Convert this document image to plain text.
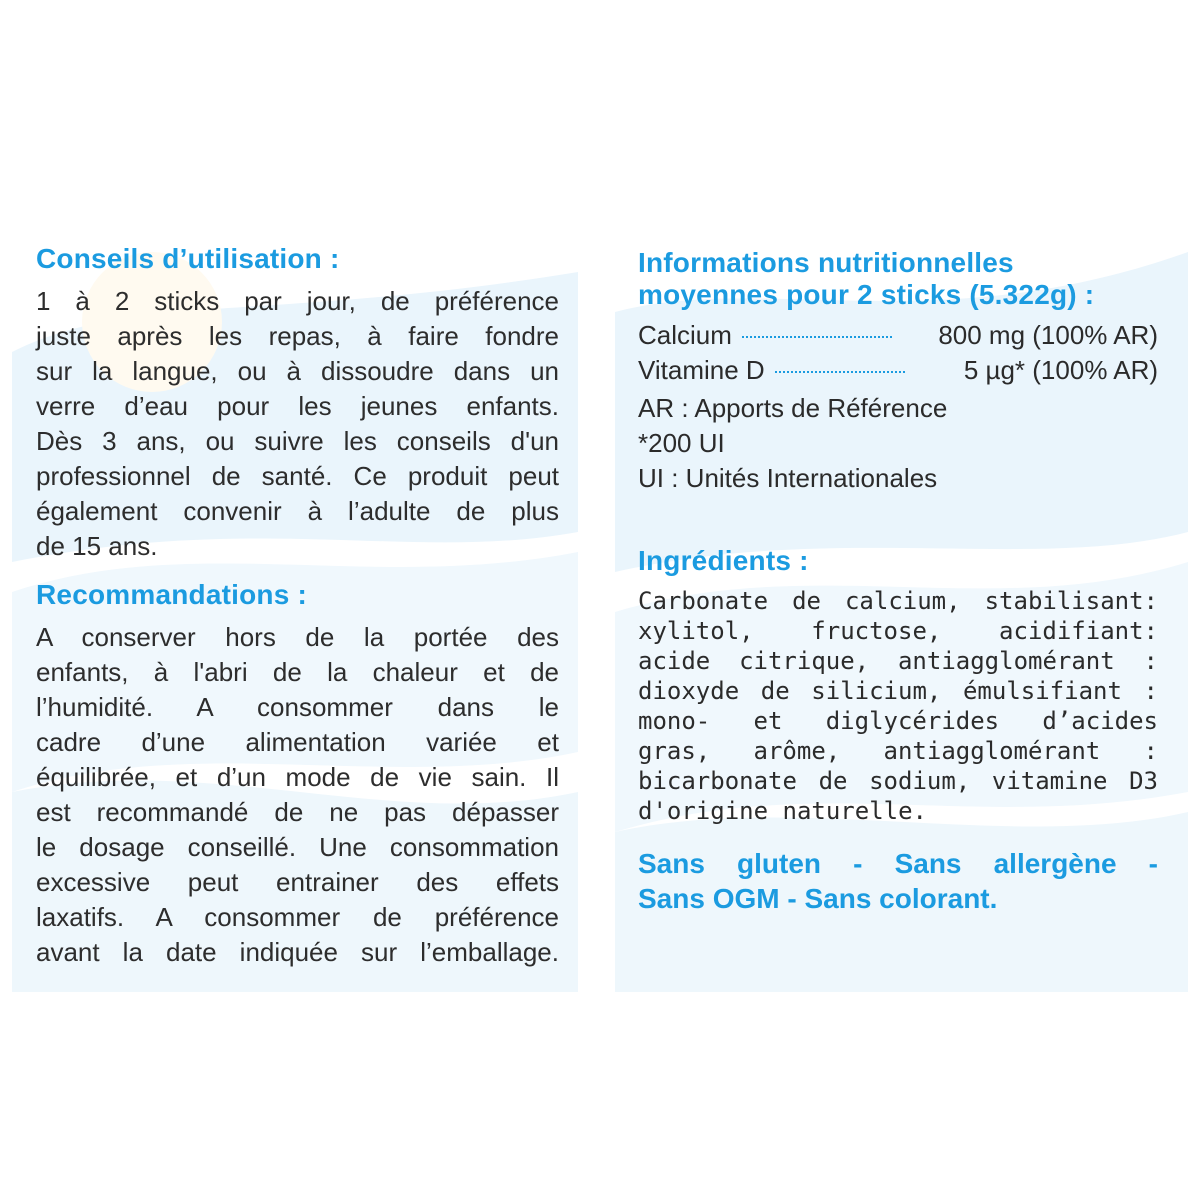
Conseils d’utilisation :

1 à 2 sticks par jour, de préférence

juste après les repas, à faire fondre

sur la langue, ou à dissoudre dans un

verre d’eau pour les jeunes enfants.

Dès 3 ans, ou suivre les conseils d'un

professionnel de santé. Ce produit peut

également convenir à l’adulte de plus

de 15 ans.

Recommandations :

A conserver hors de la portée des

enfants, à l'abri de la chaleur et de

l’humidité. A consommer dans le

cadre d’une alimentation variée et

équilibrée, et d’un mode de vie sain. Il

est recommandé de ne pas dépasser

le dosage conseillé. Une consommation

excessive peut entrainer des effets

laxatifs. A consommer de préférence

avant la date indiquée sur l’emballage.

Informations nutritionnelles
moyennes pour 2 sticks (5.322g) :
Calcium	800 mg (100% AR)
Vitamine D	5 µg* (100% AR)

AR : Apports de Référence

*200 UI

UI : Unités Internationales

Ingrédients :
Carbonate de calcium, stabilisant:
xylitol, fructose, acidifiant:
acide citrique, antiagglomérant :
dioxyde de silicium, émulsifiant :
mono- et diglycérides d’acides
gras, arôme, antiagglomérant :
bicarbonate de sodium, vitamine D3
d'origine naturelle.
Sans gluten - Sans allergène -
Sans OGM - Sans colorant.
